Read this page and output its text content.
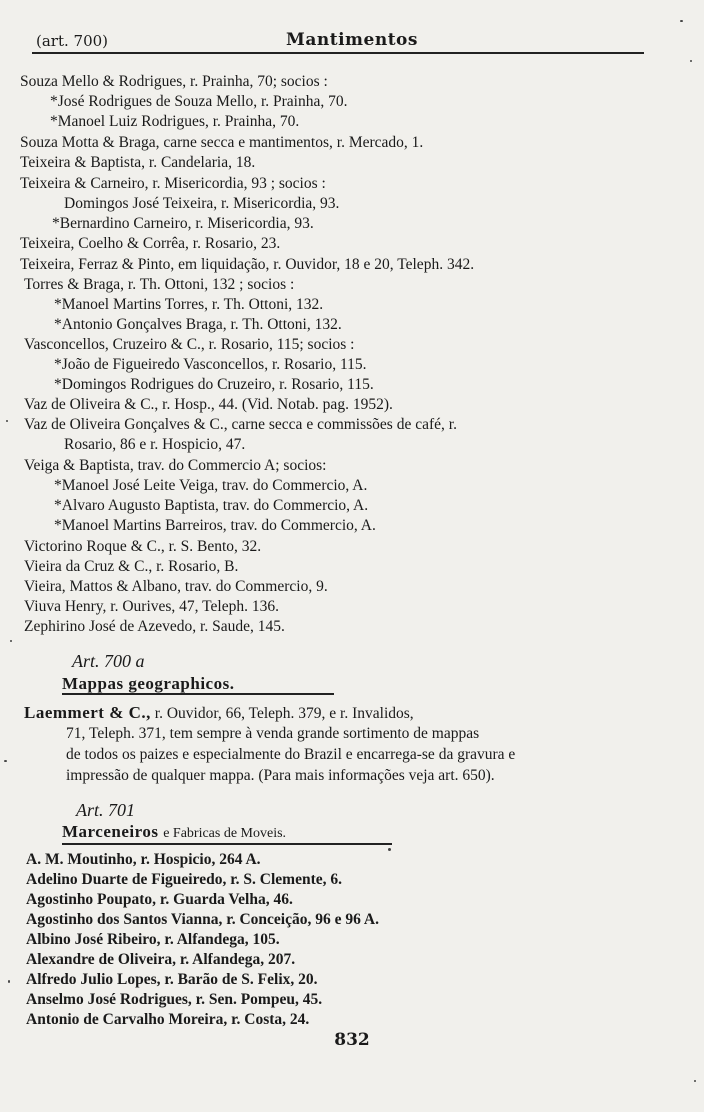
(art. 700)	Mantimentos
Souza Mello & Rodrigues, r. Prainha, 70; socios :
*José Rodrigues de Souza Mello, r. Prainha, 70.
*Manoel Luiz Rodrigues, r. Prainha, 70.
Souza Motta & Braga, carne secca e mantimentos, r. Mercado, 1.
Teixeira & Baptista, r. Candelaria, 18.
Teixeira & Carneiro, r. Misericordia, 93 ; socios :
Domingos José Teixeira, r. Misericordia, 93.
*Bernardino Carneiro, r. Misericordia, 93.
Teixeira, Coelho & Corrêa, r. Rosario, 23.
Teixeira, Ferraz & Pinto, em liquidação, r. Ouvidor, 18 e 20, Teleph. 342.
Torres & Braga, r. Th. Ottoni, 132 ; socios :
*Manoel Martins Torres, r. Th. Ottoni, 132.
*Antonio Gonçalves Braga, r. Th. Ottoni, 132.
Vasconcellos, Cruzeiro & C., r. Rosario, 115; socios :
*João de Figueiredo Vasconcellos, r. Rosario, 115.
*Domingos Rodrigues do Cruzeiro, r. Rosario, 115.
Vaz de Oliveira & C., r. Hosp., 44. (Vid. Notab. pag. 1952).
Vaz de Oliveira Gonçalves & C., carne secca e commissões de café, r.
Rosario, 86 e r. Hospicio, 47.
Veiga & Baptista, trav. do Commercio A; socios:
*Manoel José Leite Veiga, trav. do Commercio, A.
*Alvaro Augusto Baptista, trav. do Commercio, A.
*Manoel Martins Barreiros, trav. do Commercio, A.
Victorino Roque & C., r. S. Bento, 32.
Vieira da Cruz & C., r. Rosario, B.
Vieira, Mattos & Albano, trav. do Commercio, 9.
Viuva Henry, r. Ourives, 47, Teleph. 136.
Zephirino José de Azevedo, r. Saude, 145.
Art. 700 a
Mappas geographicos.
Laemmert & C., r. Ouvidor, 66, Teleph. 379, e r. Invalidos,
71, Teleph. 371, tem sempre à venda grande sortimento de mappas
de todos os paizes e especialmente do Brazil e encarrega-se da gravura e
impressão de qualquer mappa. (Para mais informações veja art. 650).
Art. 701
Marceneiros e Fabricas de Moveis.
A. M. Moutinho, r. Hospicio, 264 A.
Adelino Duarte de Figueiredo, r. S. Clemente, 6.
Agostinho Poupato, r. Guarda Velha, 46.
Agostinho dos Santos Vianna, r. Conceição, 96 e 96 A.
Albino José Ribeiro, r. Alfandega, 105.
Alexandre de Oliveira, r. Alfandega, 207.
Alfredo Julio Lopes, r. Barão de S. Felix, 20.
Anselmo José Rodrigues, r. Sen. Pompeu, 45.
Antonio de Carvalho Moreira, r. Costa, 24.
832
